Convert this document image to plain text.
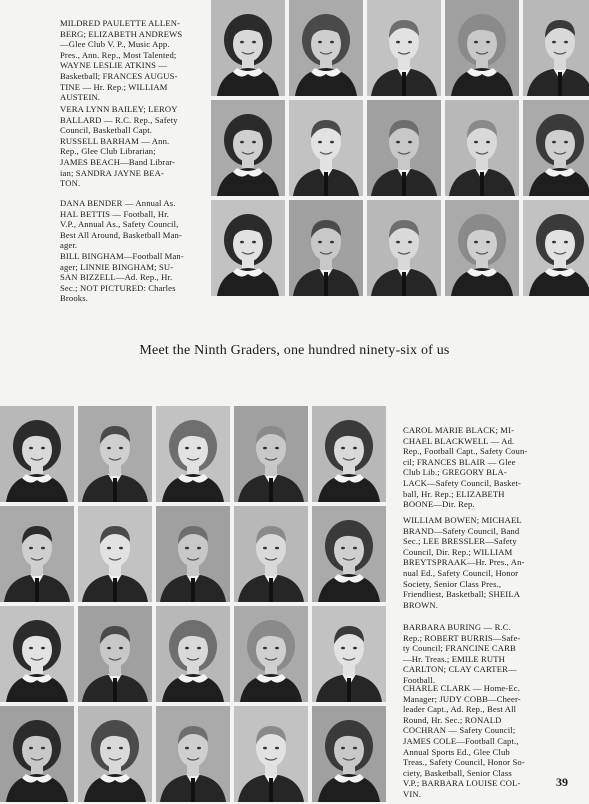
MILDRED PAULETTE ALLEN-

BERG; ELIZABETH ANDREWS

—Glee Club V. P., Music App.

Pres., Ann. Rep., Most Talented;

WAYNE LESLIE ATKINS —

Basketball; FRANCES AUGUS-

TINE — Hr. Rep.; WILLIAM

AUSTEIN.

VERA LYNN BAILEY; LEROY

BALLARD — R.C. Rep., Safety

Council, Basketball Capt.

RUSSELL BARHAM — Ann.

Rep., Glee Club Librarian;

JAMES BEACH—Band Librar-

ian; SANDRA JAYNE BEA-

TON.

DANA BENDER — Annual As.

HAL BETTIS — Football, Hr.

V.P., Annual As., Safety Council,

Best All Around, Basketball Man-

ager.

BILL BINGHAM—Football Man-

ager; LINNIE BINGHAM; SU-

SAN BIZZELL—Ad. Rep., Hr.

Sec.; NOT PICTURED: Charles

Brooks.

Meet the Ninth Graders, one hundred ninety-six of us

CAROL MARIE BLACK; MI-

CHAEL BLACKWELL — Ad.

Rep., Football Capt., Safety Coun-

cil; FRANCES BLAIR — Glee

Club Lib.; GREGORY BLA-

LACK—Safety Council, Basket-

ball, Hr. Rep.; ELIZABETH

BOONE—Dir. Rep.

WILLIAM BOWEN; MICHAEL

BRAND—Safety Council, Band

Sec.; LEE BRESSLER—Safety

Council, Dir. Rep.; WILLIAM

BREYTSPRAAK—Hr. Pres., An-

nual Ed., Safety Council, Honor

Society, Senior Class Pres.,

Friendliest, Basketball; SHEILA

BROWN.

BARBARA BURING — R.C.

Rep.; ROBERT BURRIS—Safe-

ty Council; FRANCINE CARB

—Hr. Treas.; EMILE RUTH

CARLTON; CLAY CARTER—

Football.

CHARLE CLARK — Home-Ec.

Manager; JUDY COBB—Cheer-

leader Capt., Ad. Rep., Best All

Round, Hr. Sec.; RONALD

COCHRAN — Safety Council;

JAMES COLE—Football Capt.,

Annual Sports Ed., Glee Club

Treas., Safety Council, Honor So-

ciety, Basketball, Senior Class

V.P.; BARBARA LOUISE COL-

VIN.

39
